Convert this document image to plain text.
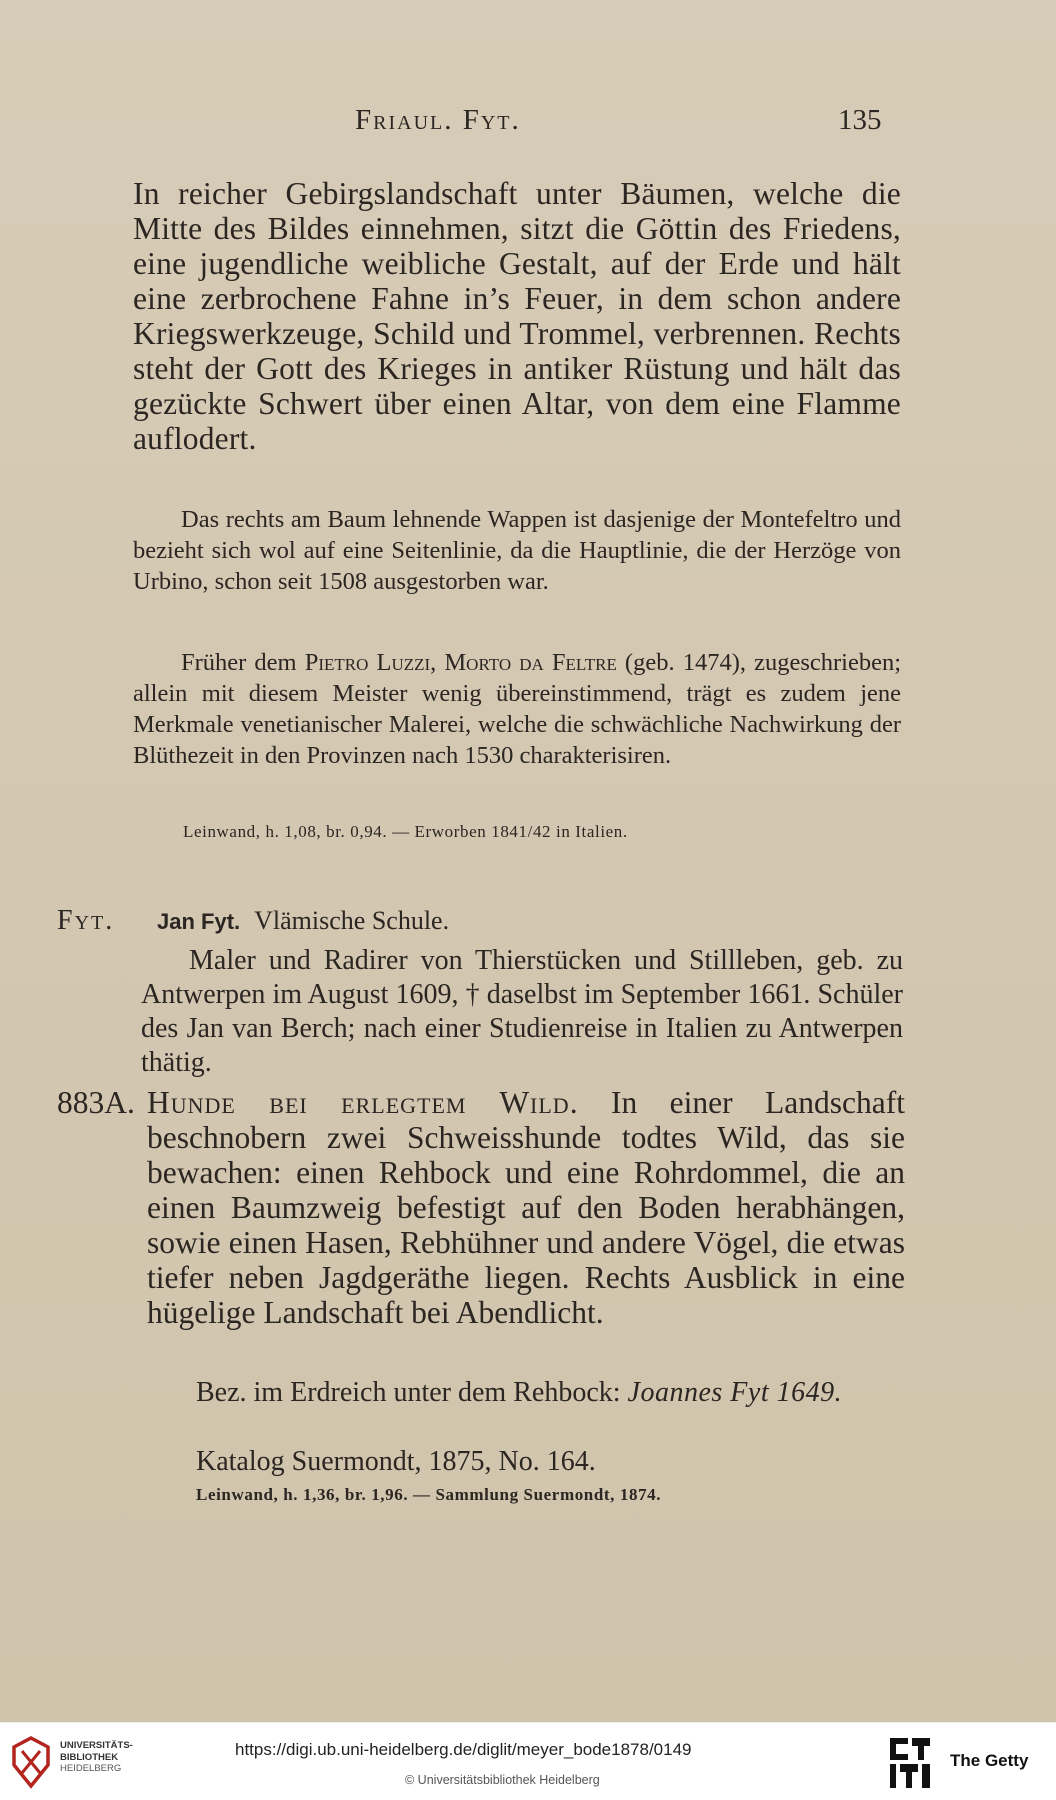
Friaul. Fyt.	135
In reicher Gebirgslandschaft unter Bäumen, welche die Mitte des Bildes einnehmen, sitzt die Göttin des Friedens, eine jugendliche weibliche Gestalt, auf der Erde und hält eine zerbrochene Fahne in’s Feuer, in dem schon andere Kriegswerkzeuge, Schild und Trommel, verbrennen. Rechts steht der Gott des Krieges in antiker Rüstung und hält das gezückte Schwert über einen Altar, von dem eine Flamme auflodert.
Das rechts am Baum lehnende Wappen ist dasjenige der Montefeltro und bezieht sich wol auf eine Seitenlinie, da die Hauptlinie, die der Herzöge von Urbino, schon seit 1508 ausgestorben war.
Früher dem Pietro Luzzi, Morto da Feltre (geb. 1474), zugeschrieben; allein mit diesem Meister wenig übereinstimmend, trägt es zudem jene Merkmale venetianischer Malerei, welche die schwächliche Nachwirkung der Blüthezeit in den Provinzen nach 1530 charakterisiren.
Leinwand, h. 1,08, br. 0,94. — Erworben 1841/42 in Italien.
Fyt. Jan Fyt. Vlämische Schule.
Maler und Radirer von Thierstücken und Stillleben, geb. zu Antwerpen im August 1609, † daselbst im September 1661. Schüler des Jan van Berch; nach einer Studienreise in Italien zu Antwerpen thätig.
883A. Hunde bei erlegtem Wild. In einer Landschaft beschnobern zwei Schweisshunde todtes Wild, das sie bewachen: einen Rehbock und eine Rohrdommel, die an einen Baumzweig befestigt auf den Boden herabhängen, sowie einen Hasen, Rebhühner und andere Vögel, die etwas tiefer neben Jagdgeräthe liegen. Rechts Ausblick in eine hügelige Landschaft bei Abendlicht.
Bez. im Erdreich unter dem Rehbock: Joannes Fyt 1649.
Katalog Suermondt, 1875, No. 164.
Leinwand, h. 1,36, br. 1,96. — Sammlung Suermondt, 1874.
UNIVERSITÄTS-
BIBLIOTHEK
HEIDELBERG
https://digi.ub.uni-heidelberg.de/diglit/meyer_bode1878/0149
© Universitätsbibliothek Heidelberg
The Getty
